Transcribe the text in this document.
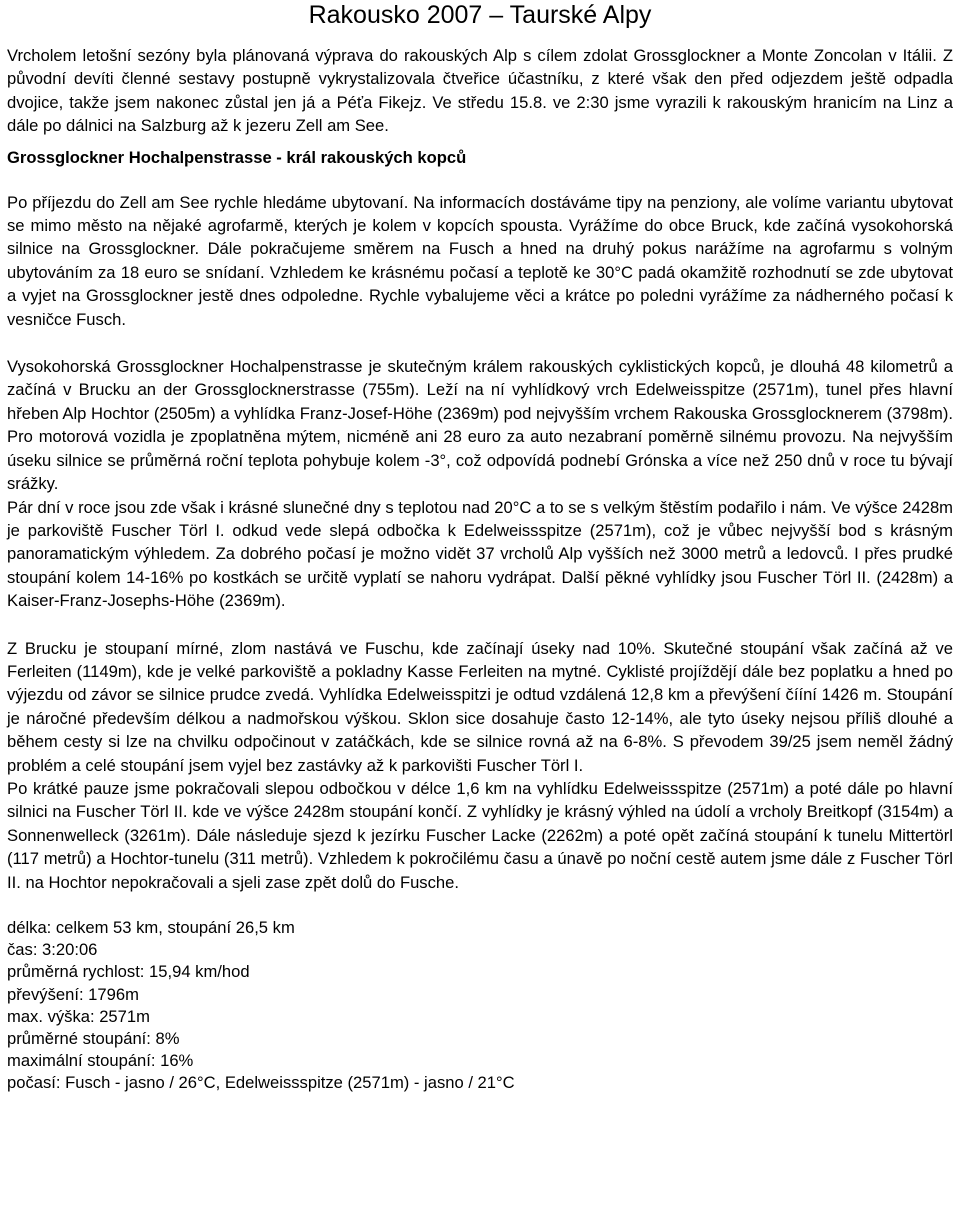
Rakousko 2007 – Taurské Alpy

Vrcholem letošní sezóny byla plánovaná výprava do rakouských Alp s cílem zdolat Grossglockner a Monte Zoncolan v Itálii. Z původní devíti členné sestavy postupně vykrystalizovala čtveřice účastníku, z které však den před odjezdem ještě odpadla dvojice, takže jsem nakonec zůstal jen já a Péťa Fikejz. Ve středu 15.8. ve 2:30 jsme vyrazili k rakouským hranicím na Linz a dále po dálnici na Salzburg až k jezeru Zell am See.

Grossglockner Hochalpenstrasse - král rakouských kopců

Po příjezdu do Zell am See rychle hledáme ubytovaní. Na informacích dostáváme tipy na penziony, ale volíme variantu ubytovat se mimo město na nějaké agrofarmě, kterých je kolem v kopcích spousta. Vyrážíme do obce Bruck, kde začíná vysokohorská silnice na Grossglockner. Dále pokračujeme směrem na Fusch a hned na druhý pokus narážíme na agrofarmu s volným ubytováním za 18 euro se snídaní. Vzhledem ke krásnému počasí a teplotě ke 30°C padá okamžitě rozhodnutí se zde ubytovat a vyjet na Grossglockner jestě dnes odpoledne. Rychle vybalujeme věci a krátce po poledni vyrážíme za nádherného počasí k vesničce Fusch.

Vysokohorská Grossglockner Hochalpenstrasse je skutečným králem rakouských cyklistických kopců, je dlouhá 48 kilometrů a začíná v Brucku an der Grossglocknerstrasse (755m). Leží na ní vyhlídkový vrch Edelweisspitze (2571m), tunel přes hlavní hřeben Alp Hochtor (2505m) a vyhlídka Franz-Josef-Höhe (2369m) pod nejvyšším vrchem Rakouska Grossglocknerem (3798m). Pro motorová vozidla je zpoplatněna mýtem, nicméně ani 28 euro za auto nezabraní poměrně silnému provozu. Na nejvyšším úseku silnice se průměrná roční teplota pohybuje kolem -3°, což odpovídá podnebí Grónska a více než 250 dnů v roce tu bývají srážky.

Pár dní v roce jsou zde však i krásné slunečné dny s teplotou nad 20°C a to se s velkým štěstím podařilo i nám. Ve výšce 2428m je parkoviště Fuscher Törl I. odkud vede slepá odbočka k Edelweissspitze (2571m), což je vůbec nejvyšší bod s krásným panoramatickým výhledem. Za dobrého počasí je možno vidět 37 vrcholů Alp vyšších než 3000 metrů a ledovců. I přes prudké stoupání kolem 14-16% po kostkách se určitě vyplatí se nahoru vydrápat. Další pěkné vyhlídky jsou Fuscher Törl II. (2428m) a Kaiser-Franz-Josephs-Höhe (2369m).

Z Brucku je stoupaní mírné, zlom nastává ve Fuschu, kde začínají úseky nad 10%. Skutečné stoupání však začíná až ve Ferleiten (1149m), kde je velké parkoviště a pokladny Kasse Ferleiten na mytné. Cyklisté projíždějí dále bez poplatku a hned po výjezdu od závor se silnice prudce zvedá. Vyhlídka Edelweisspitzi je odtud vzdálená 12,8 km a převýšení čííní 1426 m. Stoupání je náročné především délkou a nadmořskou výškou. Sklon sice dosahuje často 12-14%, ale tyto úseky nejsou příliš dlouhé a během cesty si lze na chvilku odpočinout v zatáčkách, kde se silnice rovná až na 6-8%. S převodem 39/25 jsem neměl žádný problém a celé stoupání jsem vyjel bez zastávky až k parkovišti Fuscher Törl I.

Po krátké pauze jsme pokračovali slepou odbočkou v délce 1,6 km na vyhlídku Edelweissspitze (2571m) a poté dále po hlavní silnici na Fuscher Törl II. kde ve výšce 2428m stoupání končí. Z vyhlídky je krásný výhled na údolí a vrcholy Breitkopf (3154m) a Sonnenwelleck (3261m). Dále následuje sjezd k jezírku Fuscher Lacke (2262m) a poté opět začíná stoupání k tunelu Mittertörl (117 metrů) a Hochtor-tunelu (311 metrů). Vzhledem k pokročilému času a únavě po noční cestě autem jsme dále z Fuscher Törl II. na Hochtor nepokračovali a sjeli zase zpět dolů do Fusche.

délka: celkem 53 km, stoupání 26,5 km
čas: 3:20:06
průměrná rychlost: 15,94 km/hod
převýšení: 1796m
max. výška: 2571m
průměrné stoupání: 8%
maximální stoupání: 16%
počasí: Fusch - jasno / 26°C, Edelweissspitze (2571m) - jasno / 21°C
